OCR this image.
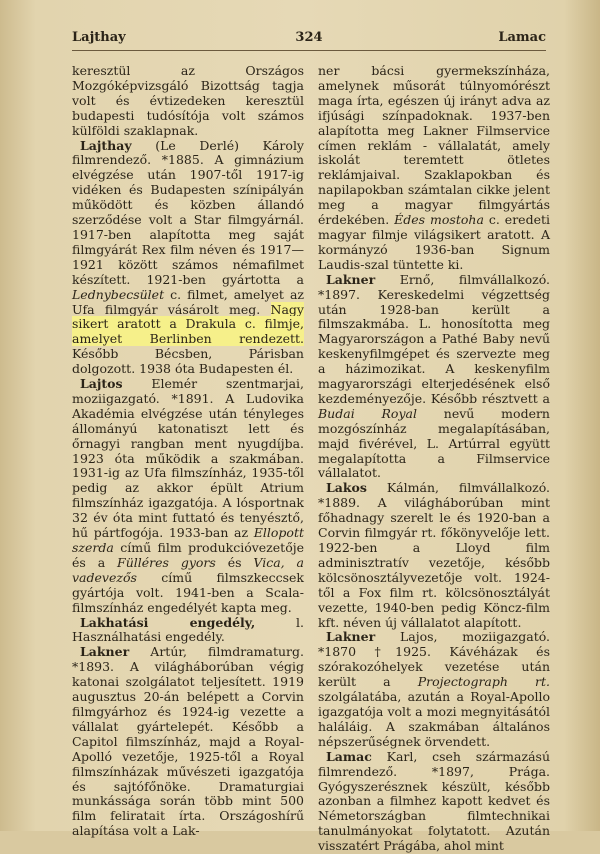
Lajthay	324	Lamac

keresztül az Országos Mozgóképvizsgáló Bizottság tagja volt és évtizedeken keresztül budapesti tudósítója volt számos külföldi szaklapnak.

Lajthay (Le Derlé) Károly filmrendező. *1885. A gimnázium elvégzése után 1907-től 1917-ig vidéken és Budapesten színipályán működött és közben állandó szerződése volt a Star filmgyárnál. 1917-ben alapította meg saját filmgyárát Rex film néven és 1917—1921 között számos némafilmet készített. 1921-ben gyártotta a Lednybecsület c. filmet, amelyet az Ufa filmgyár vásárolt meg. Nagy sikert aratott a Drakula c. filmje, amelyet Berlinben rendezett. Később Bécsben, Párisban dolgozott. 1938 óta Budapesten él.

Lajtos Elemér szentmarjai, moziigazgató. *1891. A Ludovika Akadémia elvégzése után tényleges állományú katonatiszt lett és őrnagyi rangban ment nyugdíjba. 1923 óta működik a szakmában. 1931-ig az Ufa filmszínház, 1935-től pedig az akkor épült Atrium filmszínház igazgatója. A lósportnak 32 év óta mint futtató és tenyésztő, hű pártfogója. 1933-ban az Ellopott szerda című film produkcióvezetője és a Fülléres gyors és Vica, a vadevezős című filmszkeccsek gyártója volt. 1941-ben a Scala-filmszínház engedélyét kapta meg.

Lakhatási engedély, l. Használhatási engedély.

Lakner Artúr, filmdramaturg. *1893. A világháborúban végig katonai szolgálatot teljesített. 1919 augusztus 20-án belépett a Corvin filmgyárhoz és 1924-ig vezette a vállalat gyártelepét. Később a Capitol filmszínház, majd a Royal-Apolló vezetője, 1925-től a Royal filmszínházak művészeti igazgatója és sajtófőnöke. Dramaturgiai munkássága során több mint 500 film feliratait írta. Országoshírű alapítása volt a Lak-

ner bácsi gyermekszínháza, amelynek műsorát túlnyomórészt maga írta, egészen új irányt adva az ifjúsági színpadoknak. 1937-ben alapította meg Lakner Filmservice címen reklám - vállalatát, amely iskolát teremtett ötletes reklámjaival. Szaklapokban és napilapokban számtalan cikke jelent meg a magyar filmgyártás érdekében. Édes mostoha c. eredeti magyar filmje világsikert aratott. A kormányzó 1936-ban Signum Laudis-szal tüntette ki.

Lakner Ernő, filmvállalkozó. *1897. Kereskedelmi végzettség után 1928-ban került a filmszakmába. L. honosította meg Magyarországon a Pathé Baby nevű keskenyfilmgépet és szervezte meg a házimozikat. A keskenyfilm magyarországi elterjedésének első kezdeményezője. Később résztvett a Budai Royal nevű modern mozgószínház megalapításában, majd fivérével, L. Artúrral együtt megalapította a Filmservice vállalatot.

Lakos Kálmán, filmvállalkozó. *1889. A világháborúban mint főhadnagy szerelt le és 1920-ban a Corvin filmgyár rt. főkönyvelője lett. 1922-ben a Lloyd film adminisztratív vezetője, később kölcsönosztályvezetője volt. 1924-től a Fox film rt. kölcsönosztályát vezette, 1940-ben pedig Köncz-film kft. néven új vállalatot alapított.

Lakner Lajos, moziigazgató. *1870 †1925. Kávéházak és szórakozóhelyek vezetése után került a Projectograph rt. szolgálatába, azután a Royal-Apollo igazgatója volt a mozi megnyitásától haláláig. A szakmában általános népszerűségnek örvendett.

Lamac Karl, cseh származású filmrendező. *1897, Prága. Gyógyszerésznek készült, később azonban a filmhez kapott kedvet és Németországban filmtechnikai tanulmányokat folytatott. Azután visszatért Prágába, ahol mint
